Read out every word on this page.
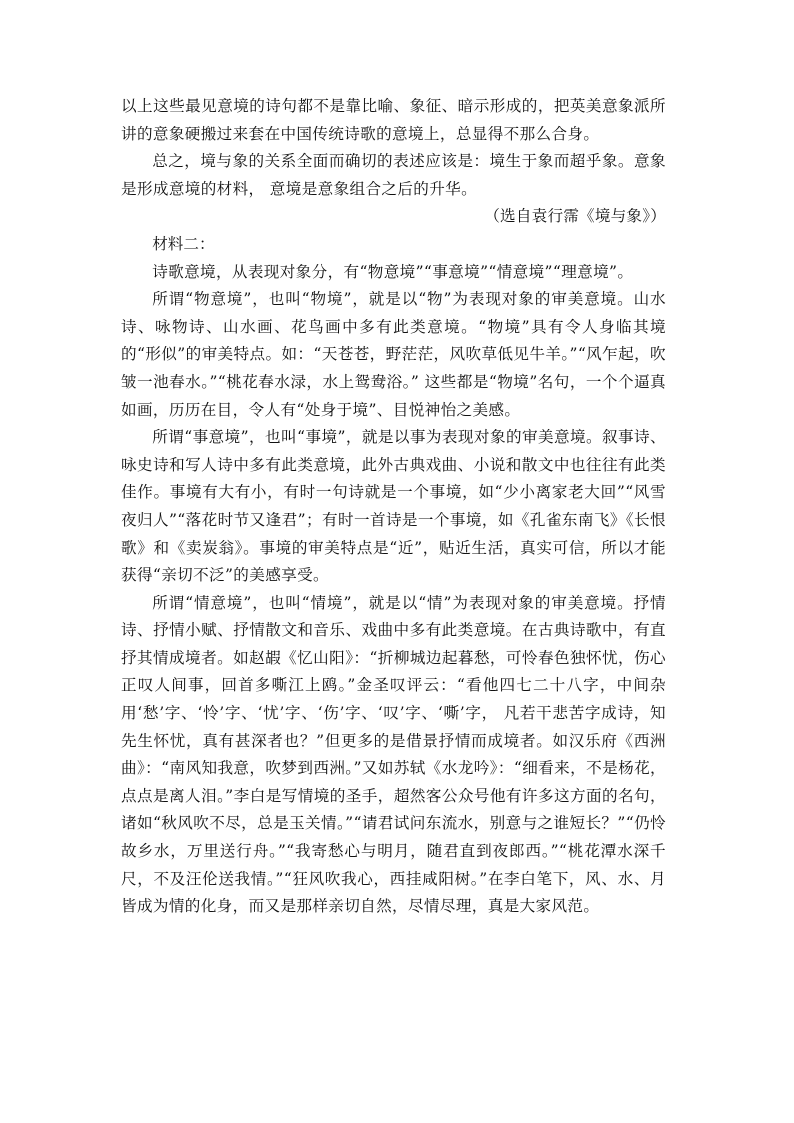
以上这些最见意境的诗句都不是靠比喻、象征、暗示形成的，把英美意象派所讲的意象硬搬过来套在中国传统诗歌的意境上，总显得不那么合身。

总之，境与象的关系全面而确切的表述应该是：境生于象而超乎象。意象是形成意境的材料， 意境是意象组合之后的升华。

（选自袁行霈《境与象》）

材料二：

诗歌意境，从表现对象分，有“物意境”“事意境”“情意境”“理意境”。

所谓“物意境”，也叫“物境”，就是以“物”为表现对象的审美意境。山水诗、咏物诗、山水画、花鸟画中多有此类意境。“物境”具有令人身临其境的“形似”的审美特点。如：“天苍苍，野茫茫，风吹草低见牛羊。”“风乍起，吹皱一池春水。”“桃花春水渌，水上鸳鸯浴。” 这些都是“物境”名句，一个个逼真如画，历历在目，令人有“处身于境”、目悦神怡之美感。

所谓“事意境”，也叫“事境”，就是以事为表现对象的审美意境。叙事诗、咏史诗和写人诗中多有此类意境，此外古典戏曲、小说和散文中也往往有此类佳作。事境有大有小，有时一句诗就是一个事境，如“少小离家老大回”“风雪夜归人”“落花时节又逢君”；有时一首诗是一个事境，如《孔雀东南飞》《长恨歌》和《卖炭翁》。事境的审美特点是“近”，贴近生活，真实可信，所以才能获得“亲切不泛”的美感享受。

所谓“情意境”，也叫“情境”，就是以“情”为表现对象的审美意境。抒情诗、抒情小赋、抒情散文和音乐、戏曲中多有此类意境。在古典诗歌中，有直抒其情成境者。如赵嘏《忆山阳》：“折柳城边起暮愁，可怜春色独怀忧，伤心正叹人间事，回首多嘶江上鸥。”金圣叹评云：“看他四七二十八字，中间杂用‘愁’字、‘怜’字、‘忧’字、‘伤’字、‘叹’字、‘嘶’字， 凡若干悲苦字成诗，知先生怀忧，真有甚深者也？”但更多的是借景抒情而成境者。如汉乐府《西洲曲》：“南风知我意，吹梦到西洲。”又如苏轼《水龙吟》：“细看来，不是杨花，点点是离人泪。”李白是写情境的圣手，超然客公众号他有许多这方面的名句，诸如“秋风吹不尽，总是玉关情。”“请君试问东流水，别意与之谁短长？”“仍怜故乡水，万里送行舟。”“我寄愁心与明月，随君直到夜郎西。”“桃花潭水深千尺，不及汪伦送我情。”“狂风吹我心，西挂咸阳树。”在李白笔下，风、水、月皆成为情的化身，而又是那样亲切自然，尽情尽理，真是大家风范。
